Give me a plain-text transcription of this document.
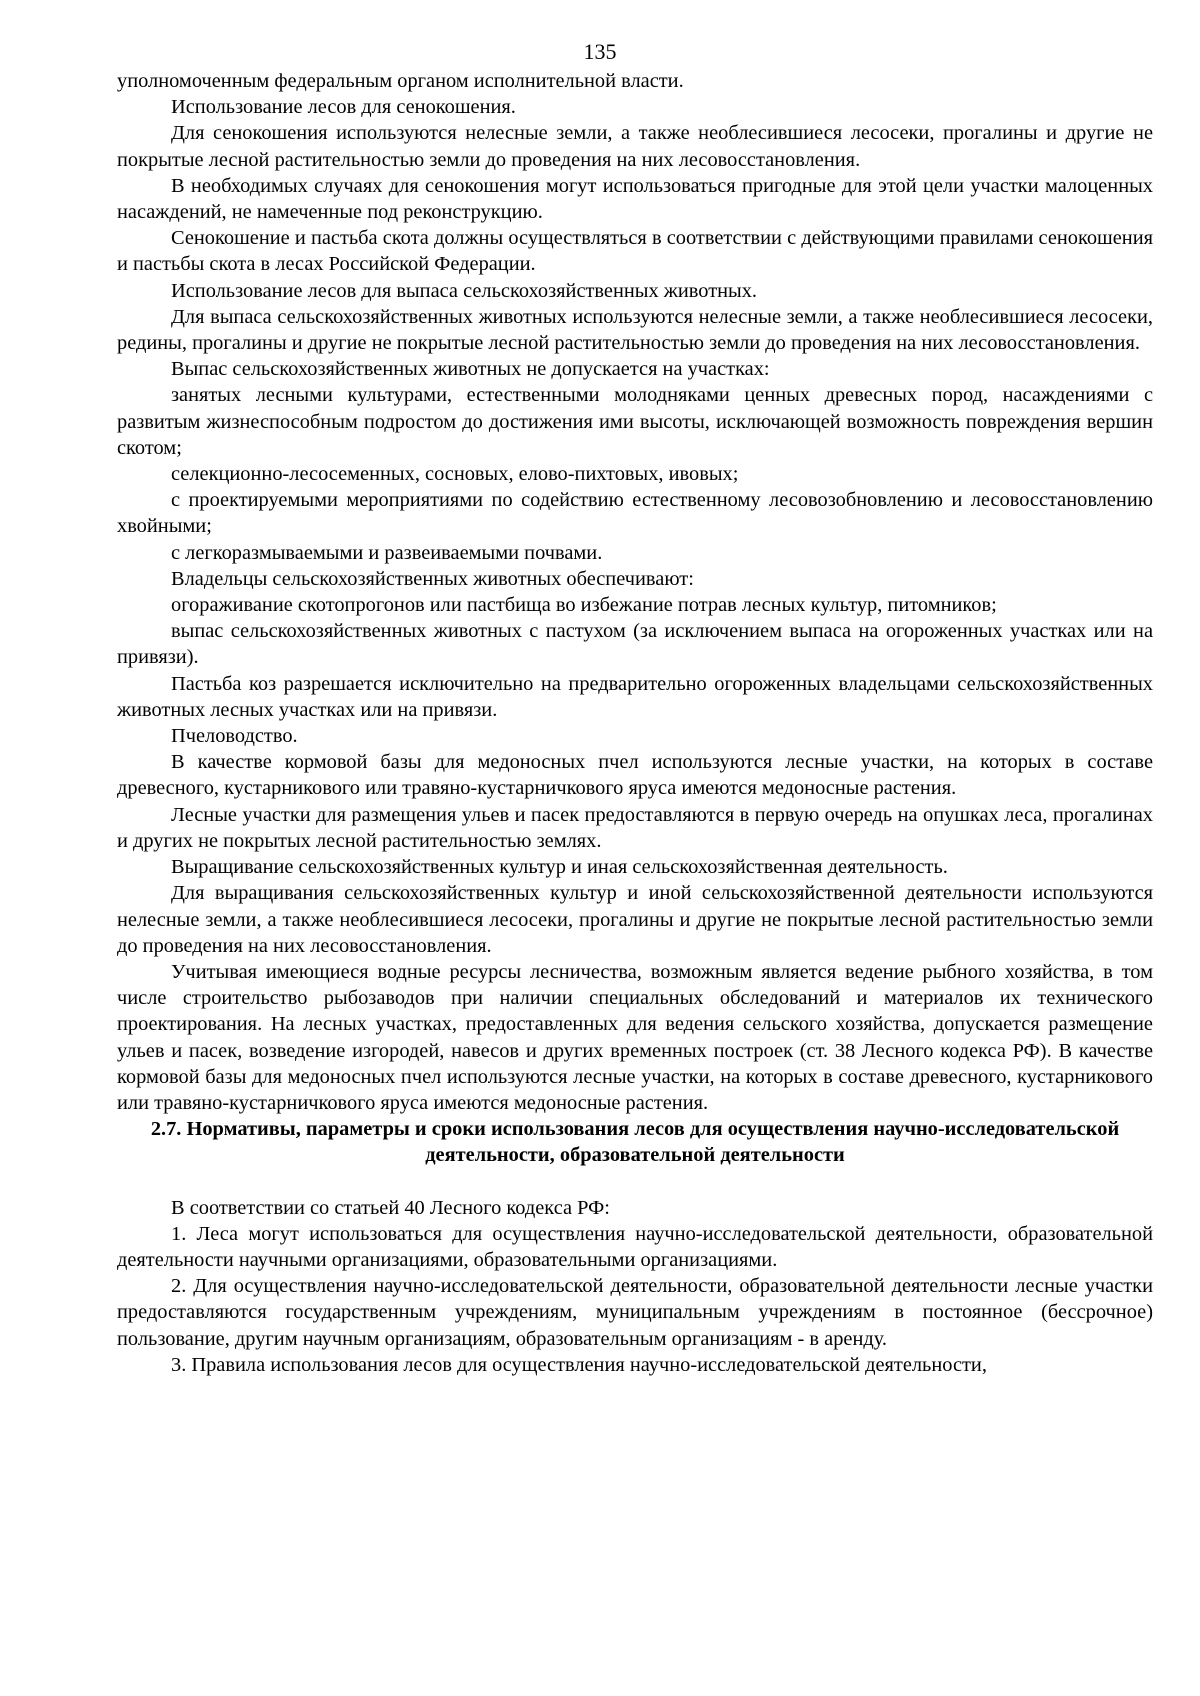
135

уполномоченным федеральным органом исполнительной власти.

Использование лесов для сенокошения.

Для сенокошения используются нелесные земли, а также необлесившиеся лесосеки, прогалины и другие не покрытые лесной растительностью земли до проведения на них лесовосстановления.

В необходимых случаях для сенокошения могут использоваться пригодные для этой цели участки малоценных насаждений, не намеченные под реконструкцию.

Сенокошение и пастьба скота должны осуществляться в соответствии с действующими правилами сенокошения и пастьбы скота в лесах Российской Федерации.

Использование лесов для выпаса сельскохозяйственных животных.

Для выпаса сельскохозяйственных животных используются нелесные земли, а также необлесившиеся лесосеки, редины, прогалины и другие не покрытые лесной растительностью земли до проведения на них лесовосстановления.

Выпас сельскохозяйственных животных не допускается на участках:

занятых лесными культурами, естественными молодняками ценных древесных пород, насаждениями с развитым жизнеспособным подростом до достижения ими высоты, исключающей возможность повреждения вершин скотом;

селекционно-лесосеменных, сосновых, елово-пихтовых, ивовых;

с проектируемыми мероприятиями по содействию естественному лесовозобновлению и лесовосстановлению хвойными;

с легкоразмываемыми и развеиваемыми почвами.

Владельцы сельскохозяйственных животных обеспечивают:

огораживание скотопрогонов или пастбища во избежание потрав лесных культур, питомников;

выпас сельскохозяйственных животных с пастухом (за исключением выпаса на огороженных участках или на привязи).

Пастьба коз разрешается исключительно на предварительно огороженных владельцами сельскохозяйственных животных лесных участках или на привязи.

Пчеловодство.

В качестве кормовой базы для медоносных пчел используются лесные участки, на которых в составе древесного, кустарникового или травяно-кустарничкового яруса имеются медоносные растения.

Лесные участки для размещения ульев и пасек предоставляются в первую очередь на опушках леса, прогалинах и других не покрытых лесной растительностью землях.

Выращивание сельскохозяйственных культур и иная сельскохозяйственная деятельность.

Для выращивания сельскохозяйственных культур и иной сельскохозяйственной деятельности используются нелесные земли, а также необлесившиеся лесосеки, прогалины и другие не покрытые лесной растительностью земли до проведения на них лесовосстановления.

Учитывая имеющиеся водные ресурсы лесничества, возможным является ведение рыбного хозяйства, в том числе строительство рыбозаводов при наличии специальных обследований и материалов их технического проектирования. На лесных участках, предоставленных для ведения сельского хозяйства, допускается размещение ульев и пасек, возведение изгородей, навесов и других временных построек (ст. 38 Лесного кодекса РФ). В качестве кормовой базы для медоносных пчел используются лесные участки, на которых в составе древесного, кустарникового или травяно-кустарничкового яруса имеются медоносные растения.

2.7. Нормативы, параметры и сроки использования лесов для осуществления научно-исследовательской деятельности, образовательной деятельности

В соответствии со статьей 40 Лесного кодекса РФ:

1. Леса могут использоваться для осуществления научно-исследовательской деятельности, образовательной деятельности научными организациями, образовательными организациями.

2. Для осуществления научно-исследовательской деятельности, образовательной деятельности лесные участки предоставляются государственным учреждениям, муниципальным учреждениям в постоянное (бессрочное) пользование, другим научным организациям, образовательным организациям - в аренду.

3. Правила использования лесов для осуществления научно-исследовательской деятельности,
